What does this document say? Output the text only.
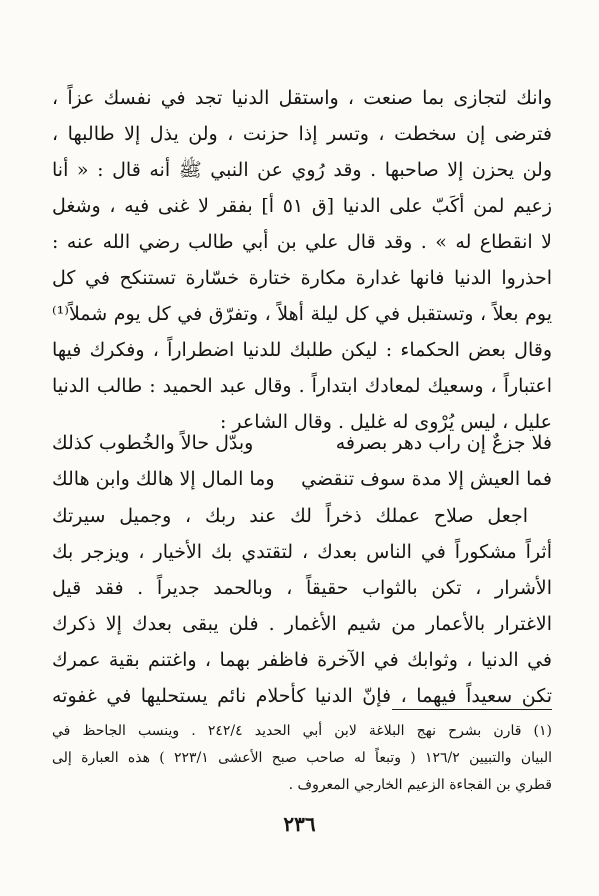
وانك لتجازى بما صنعت ، واستقل الدنيا تجد في نفسك عزاً ،
فترضى إن سخطت ، وتسر إذا حزنت ، ولن يذل إلا طالبها ،
ولن يحزن إلا صاحبها . وقد رُوي عن النبي ﷺ أنه قال : « أنا
زعيم لمن أكَبّ على الدنيا [ق ٥١ أ] بفقر لا غنى فيه ، وشغل
لا انقطاع له » . وقد قال علي بن أبي طالب رضي الله عنه :
احذروا الدنيا فانها غدارة مكارة ختارة خسّارة تستنكح في كل
يوم بعلاً ، وتستقبل في كل ليلة أهلاً ، وتفرّق في كل يوم شملاً⁽¹⁾
وقال بعض الحكماء : ليكن طلبك للدنيا اضطراراً ، وفكرك فيها
اعتباراً ، وسعيك لمعادك ابتداراً . وقال عبد الحميد : طالب الدنيا
عليل ، ليس يُرْوى له غليل . وقال الشاعر :
فلا جزعٌ إن راب دهر بصرفه
وبدّل حالاً والخُطوب كذلك
فما العيش إلا مدة سوف تنقضي
وما المال إلا هالك وابن هالك
اجعل صلاح عملك ذخراً لك عند ربك ، وجميل سيرتك
أثراً مشكوراً في الناس بعدك ، لتقتدي بك الأخيار ، ويزجر بك
الأشرار ، تكن بالثواب حقيقاً ، وبالحمد جديراً . فقد قيل
الاغترار بالأعمار من شيم الأغمار . فلن يبقى بعدك إلا ذكرك
في الدنيا ، وثوابك في الآخرة فاظفر بهما ، واغتنم بقية عمرك
تكن سعيداً فيهما ، فإنّ الدنيا كأحلام نائم يستحليها في غفوته
(١) قارن بشرح نهج البلاغة لابن أبي الحديد ٢٤٢/٤ . وينسب الجاحظ في
البيان والتبيين ١٢٦/٢ ( وتبعاً له صاحب صبح الأعشى ٢٢٣/١ ) هذه العبارة إلى
قطري بن الفجاءة الزعيم الخارجي المعروف .
٢٣٦
